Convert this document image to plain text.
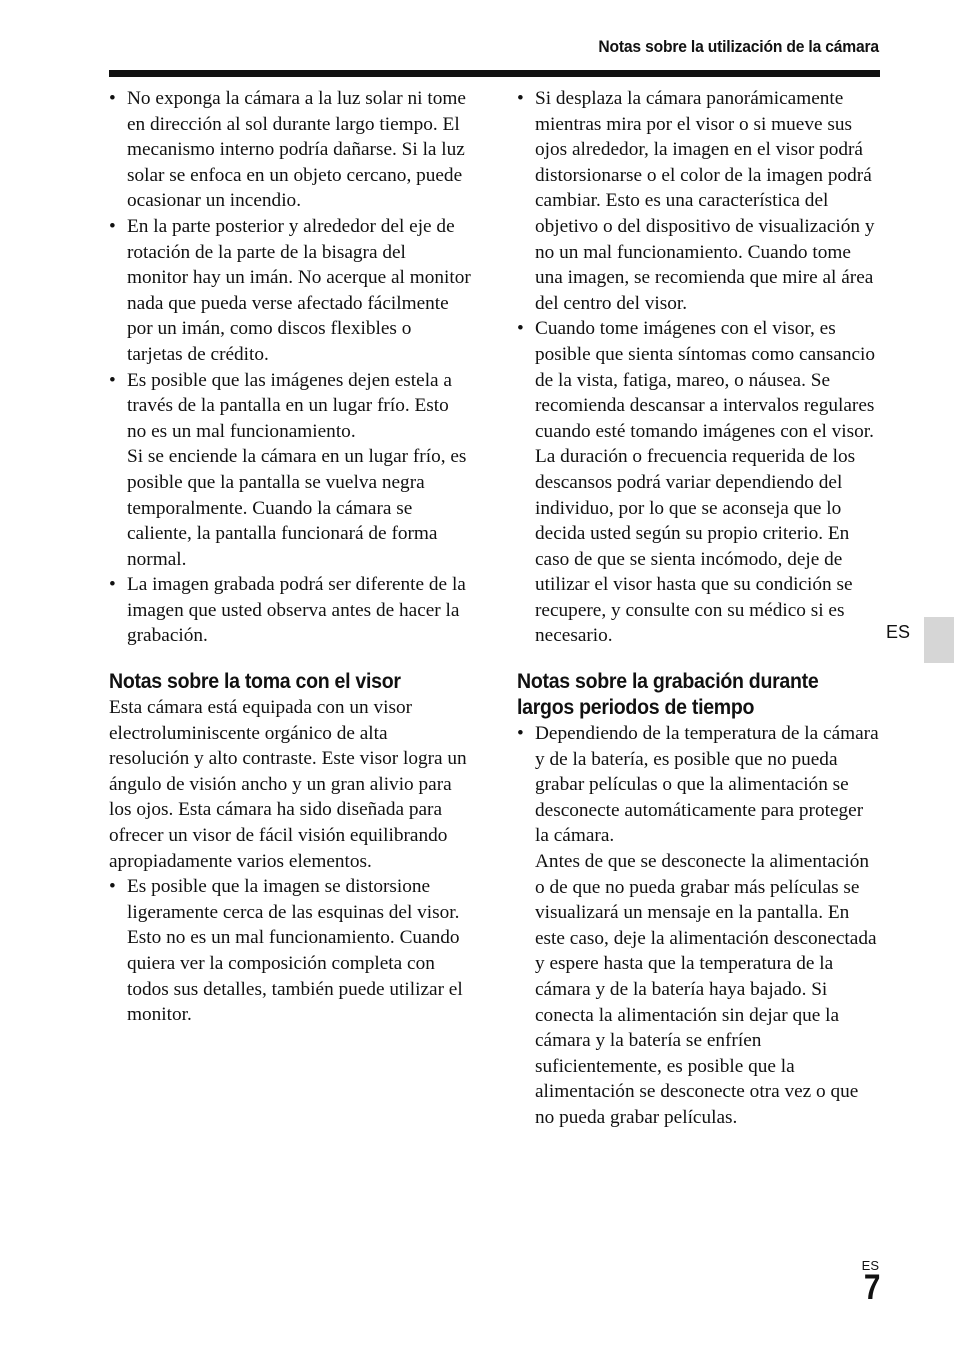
Notas sobre la utilización de la cámara

• No exponga la cámara a la luz solar ni tome en dirección al sol durante largo tiempo. El mecanismo interno podría dañarse. Si la luz solar se enfoca en un objeto cercano, puede ocasionar un incendio.

• En la parte posterior y alrededor del eje de rotación de la parte de la bisagra del monitor hay un imán. No acerque al monitor nada que pueda verse afectado fácilmente por un imán, como discos flexibles o tarjetas de crédito.

• Es posible que las imágenes dejen estela a través de la pantalla en un lugar frío. Esto no es un mal funcionamiento.

Si se enciende la cámara en un lugar frío, es posible que la pantalla se vuelva negra temporalmente. Cuando la cámara se caliente, la pantalla funcionará de forma normal.

• La imagen grabada podrá ser diferente de la imagen que usted observa antes de hacer la grabación.

Notas sobre la toma con el visor

Esta cámara está equipada con un visor electroluminiscente orgánico de alta resolución y alto contraste. Este visor logra un ángulo de visión ancho y un gran alivio para los ojos. Esta cámara ha sido diseñada para ofrecer un visor de fácil visión equilibrando apropiadamente varios elementos.

• Es posible que la imagen se distorsione ligeramente cerca de las esquinas del visor. Esto no es un mal funcionamiento. Cuando quiera ver la composición completa con todos sus detalles, también puede utilizar el monitor.

• Si desplaza la cámara panorámicamente mientras mira por el visor o si mueve sus ojos alrededor, la imagen en el visor podrá distorsionarse o el color de la imagen podrá cambiar. Esto es una característica del objetivo o del dispositivo de visualización y no un mal funcionamiento. Cuando tome una imagen, se recomienda que mire al área del centro del visor.

• Cuando tome imágenes con el visor, es posible que sienta síntomas como cansancio de la vista, fatiga, mareo, o náusea. Se recomienda descansar a intervalos regulares cuando esté tomando imágenes con el visor.

La duración o frecuencia requerida de los descansos podrá variar dependiendo del individuo, por lo que se aconseja que lo decida usted según su propio criterio. En caso de que se sienta incómodo, deje de utilizar el visor hasta que su condición se recupere, y consulte con su médico si es necesario.

Notas sobre la grabación durante largos periodos de tiempo

• Dependiendo de la temperatura de la cámara y de la batería, es posible que no pueda grabar películas o que la alimentación se desconecte automáticamente para proteger la cámara.

Antes de que se desconecte la alimentación o de que no pueda grabar más películas se visualizará un mensaje en la pantalla. En este caso, deje la alimentación desconectada y espere hasta que la temperatura de la cámara y de la batería haya bajado. Si conecta la alimentación sin dejar que la cámara y la batería se enfríen suficientemente, es posible que la alimentación se desconecte otra vez o que no pueda grabar películas.

ES
ES
7
